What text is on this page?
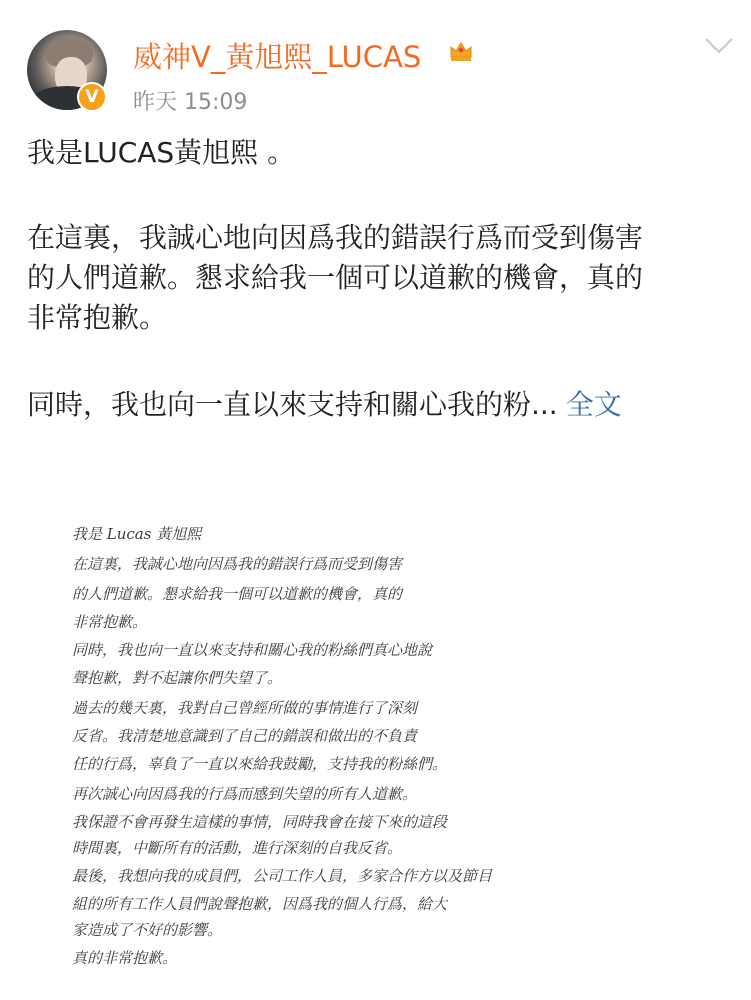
V
威神V_黃旭熙_LUCAS
昨天 15:09
我是LUCAS黃旭熙 。
在這裏，我誠心地向因爲我的錯誤行爲而受到傷害
的人們道歉。懇求給我一個可以道歉的機會，真的
非常抱歉。
同時，我也向一直以來支持和關心我的粉... 全文
我是 Lucas 黃旭熙
在這裏，我誠心地向因爲我的錯誤行爲而受到傷害
的人們道歉。懇求給我一個可以道歉的機會，真的
非常抱歉。
同時，我也向一直以來支持和關心我的粉絲們真心地說
聲抱歉，對不起讓你們失望了。
過去的幾天裏，我對自己曾經所做的事情進行了深刻
反省。我清楚地意識到了自己的錯誤和做出的不負責
任的行爲，辜負了一直以來給我鼓勵，支持我的粉絲們。
再次誠心向因爲我的行爲而感到失望的所有人道歉。
我保證不會再發生這樣的事情，同時我會在接下來的這段
時間裏，中斷所有的活動，進行深刻的自我反省。
最後，我想向我的成員們，公司工作人員，多家合作方以及節目
組的所有工作人員們說聲抱歉，因爲我的個人行爲，給大
家造成了不好的影響。
真的非常抱歉。
